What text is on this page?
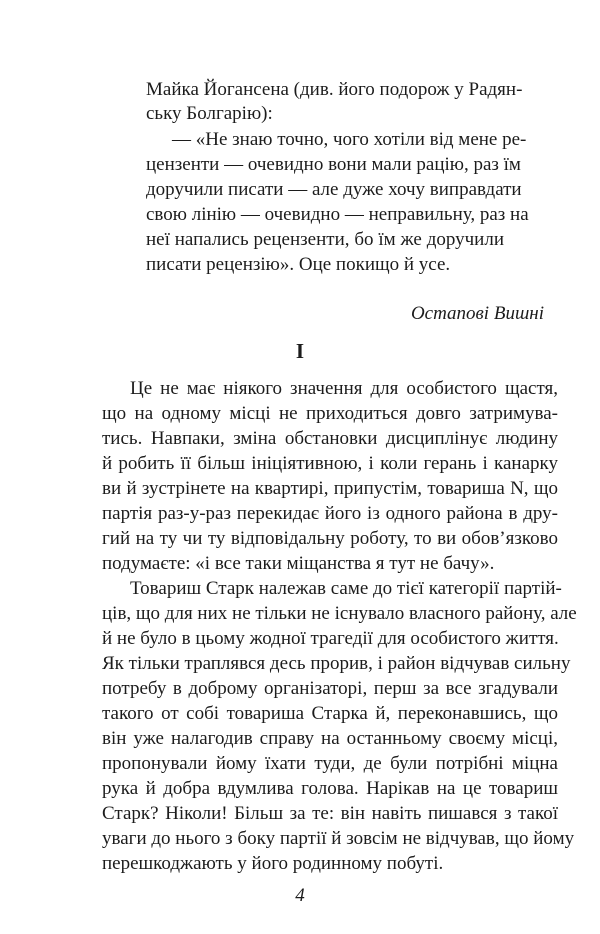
Майка Йогансена (див. його подорож у Радян-
ську Болгарію):
— «Не знаю точно, чого хотіли від мене ре-
цензенти — очевидно вони мали рацію, раз їм
доручили писати — але дуже хочу виправдати
свою лінію — очевидно — неправильну, раз на
неї напались рецензенти, бо їм же доручили
писати рецензію». Оце покищо й усе.
Остапові Вишні
I
Це не має ніякого значення для особистого щастя,
що на одному місці не приходиться довго затримува-
тись. Навпаки, зміна обстановки дисциплінує людину
й робить її більш ініціятивною, і коли герань і канарку
ви й зустрінете на квартирі, припустім, товариша N, що
партія раз-у-раз перекидає його із одного района в дру-
гий на ту чи ту відповідальну роботу, то ви обов’язково
подумаєте: «і все таки міщанства я тут не бачу».
Товариш Старк належав саме до тієї категорії партій-
ців, що для них не тільки не існувало власного району, але
й не було в цьому жодної трагедії для особистого життя.
Як тільки траплявся десь прорив, і район відчував сильну
потребу в доброму організаторі, перш за все згадували
такого от собі товариша Старка й, переконавшись, що
він уже налагодив справу на останньому своєму місці,
пропонували йому їхати туди, де були потрібні міцна
рука й добра вдумлива голова. Нарікав на це товариш
Старк? Ніколи! Більш за те: він навіть пишався з такої
уваги до нього з боку партії й зовсім не відчував, що йому
перешкоджають у його родинному побуті.
4
